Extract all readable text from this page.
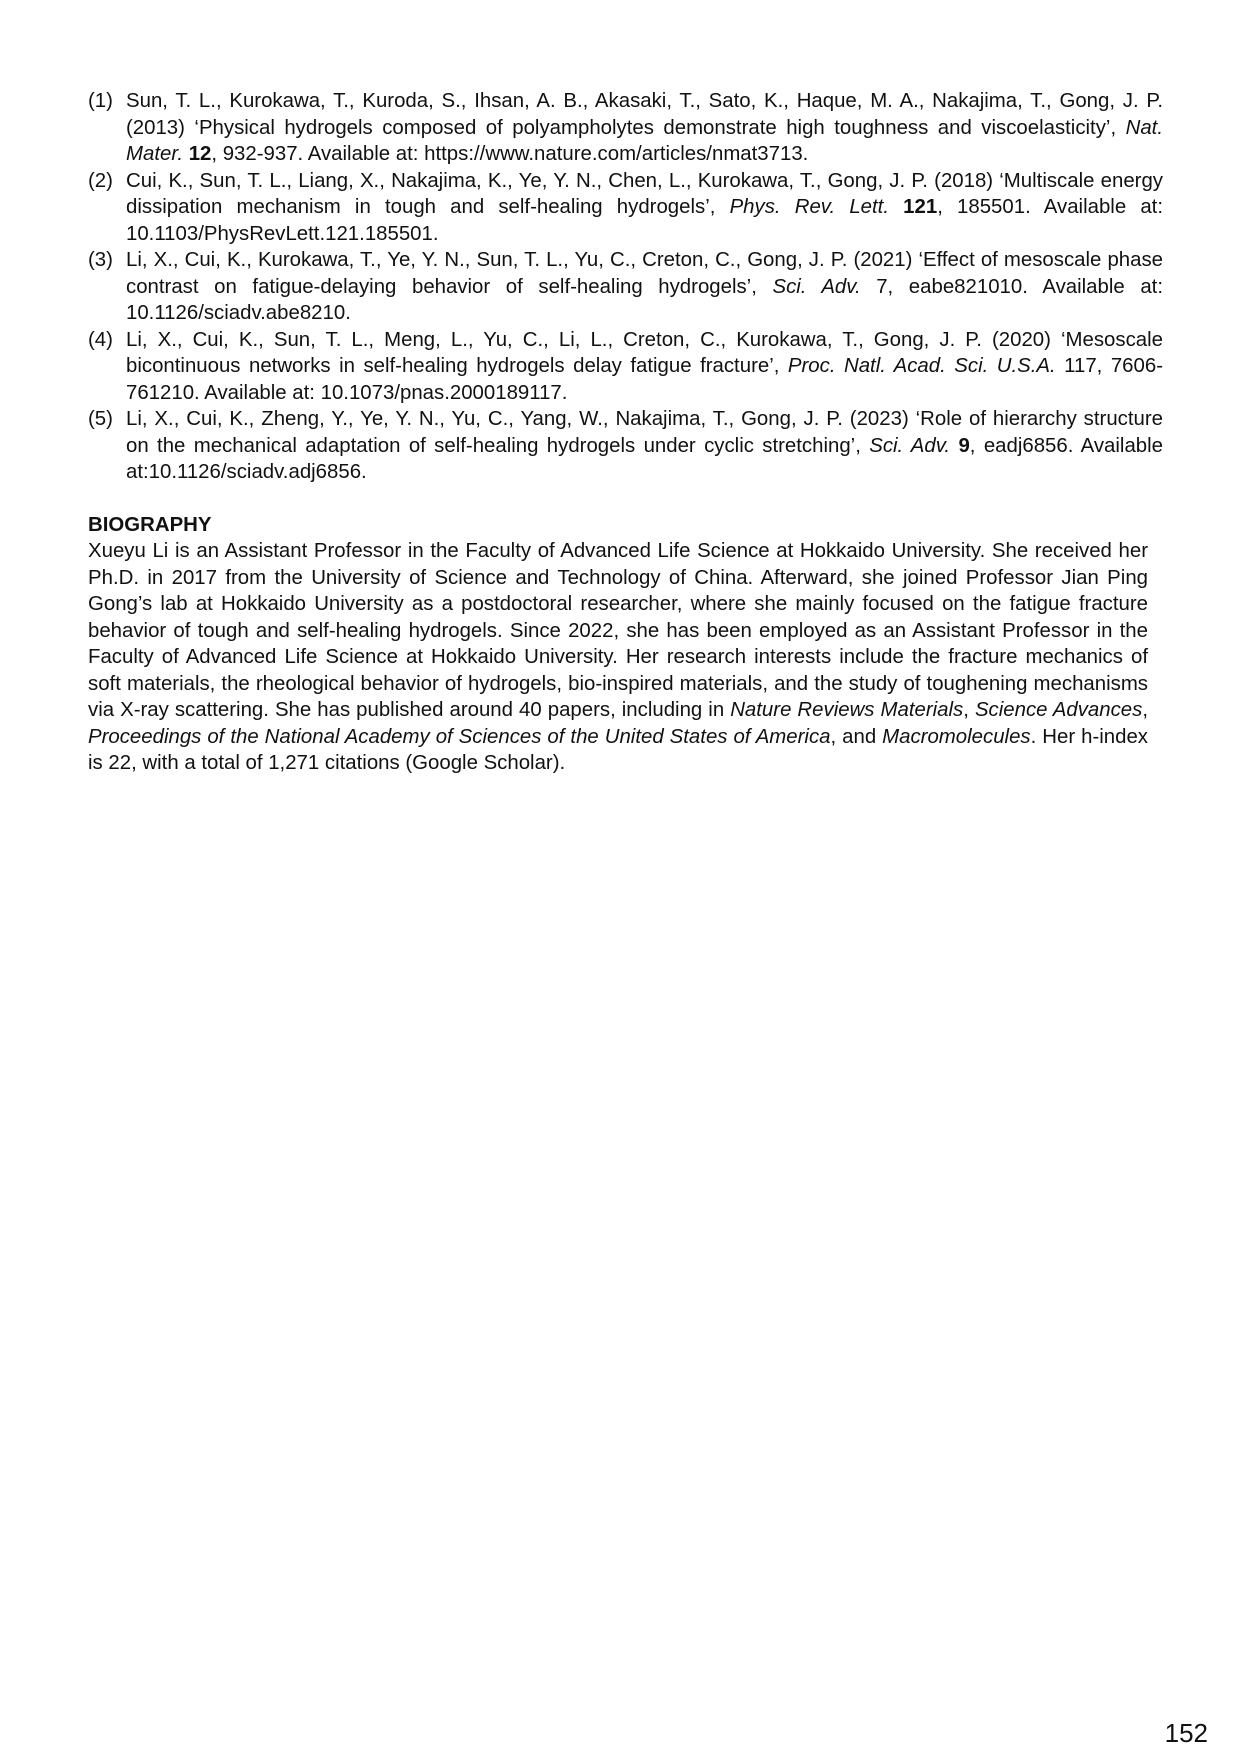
(1) Sun, T. L., Kurokawa, T., Kuroda, S., Ihsan, A. B., Akasaki, T., Sato, K., Haque, M. A., Nakajima, T., Gong, J. P. (2013) ‘Physical hydrogels composed of polyampholytes demonstrate high toughness and viscoelasticity’, Nat. Mater. 12, 932-937. Available at: https://www.nature.com/articles/nmat3713.
(2) Cui, K., Sun, T. L., Liang, X., Nakajima, K., Ye, Y. N., Chen, L., Kurokawa, T., Gong, J. P. (2018) ‘Multiscale energy dissipation mechanism in tough and self-healing hydrogels’, Phys. Rev. Lett. 121, 185501. Available at: 10.1103/PhysRevLett.121.185501.
(3) Li, X., Cui, K., Kurokawa, T., Ye, Y. N., Sun, T. L., Yu, C., Creton, C., Gong, J. P. (2021) ‘Effect of mesoscale phase contrast on fatigue-delaying behavior of self-healing hydrogels’, Sci. Adv. 7, eabe821010. Available at: 10.1126/sciadv.abe8210.
(4) Li, X., Cui, K., Sun, T. L., Meng, L., Yu, C., Li, L., Creton, C., Kurokawa, T., Gong, J. P. (2020) ‘Mesoscale bicontinuous networks in self-healing hydrogels delay fatigue fracture’, Proc. Natl. Acad. Sci. U.S.A. 117, 7606-761210. Available at: 10.1073/pnas.2000189117.
(5) Li, X., Cui, K., Zheng, Y., Ye, Y. N., Yu, C., Yang, W., Nakajima, T., Gong, J. P. (2023) ‘Role of hierarchy structure on the mechanical adaptation of self-healing hydrogels under cyclic stretching’, Sci. Adv. 9, eadj6856. Available at:10.1126/sciadv.adj6856.
BIOGRAPHY

Xueyu Li is an Assistant Professor in the Faculty of Advanced Life Science at Hokkaido University. She received her Ph.D. in 2017 from the University of Science and Technology of China. Afterward, she joined Professor Jian Ping Gong’s lab at Hokkaido University as a postdoctoral researcher, where she mainly focused on the fatigue fracture behavior of tough and self-healing hydrogels. Since 2022, she has been employed as an Assistant Professor in the Faculty of Advanced Life Science at Hokkaido University. Her research interests include the fracture mechanics of soft materials, the rheological behavior of hydrogels, bio-inspired materials, and the study of toughening mechanisms via X-ray scattering. She has published around 40 papers, including in Nature Reviews Materials, Science Advances, Proceedings of the National Academy of Sciences of the United States of America, and Macromolecules. Her h-index is 22, with a total of 1,271 citations (Google Scholar).

152
